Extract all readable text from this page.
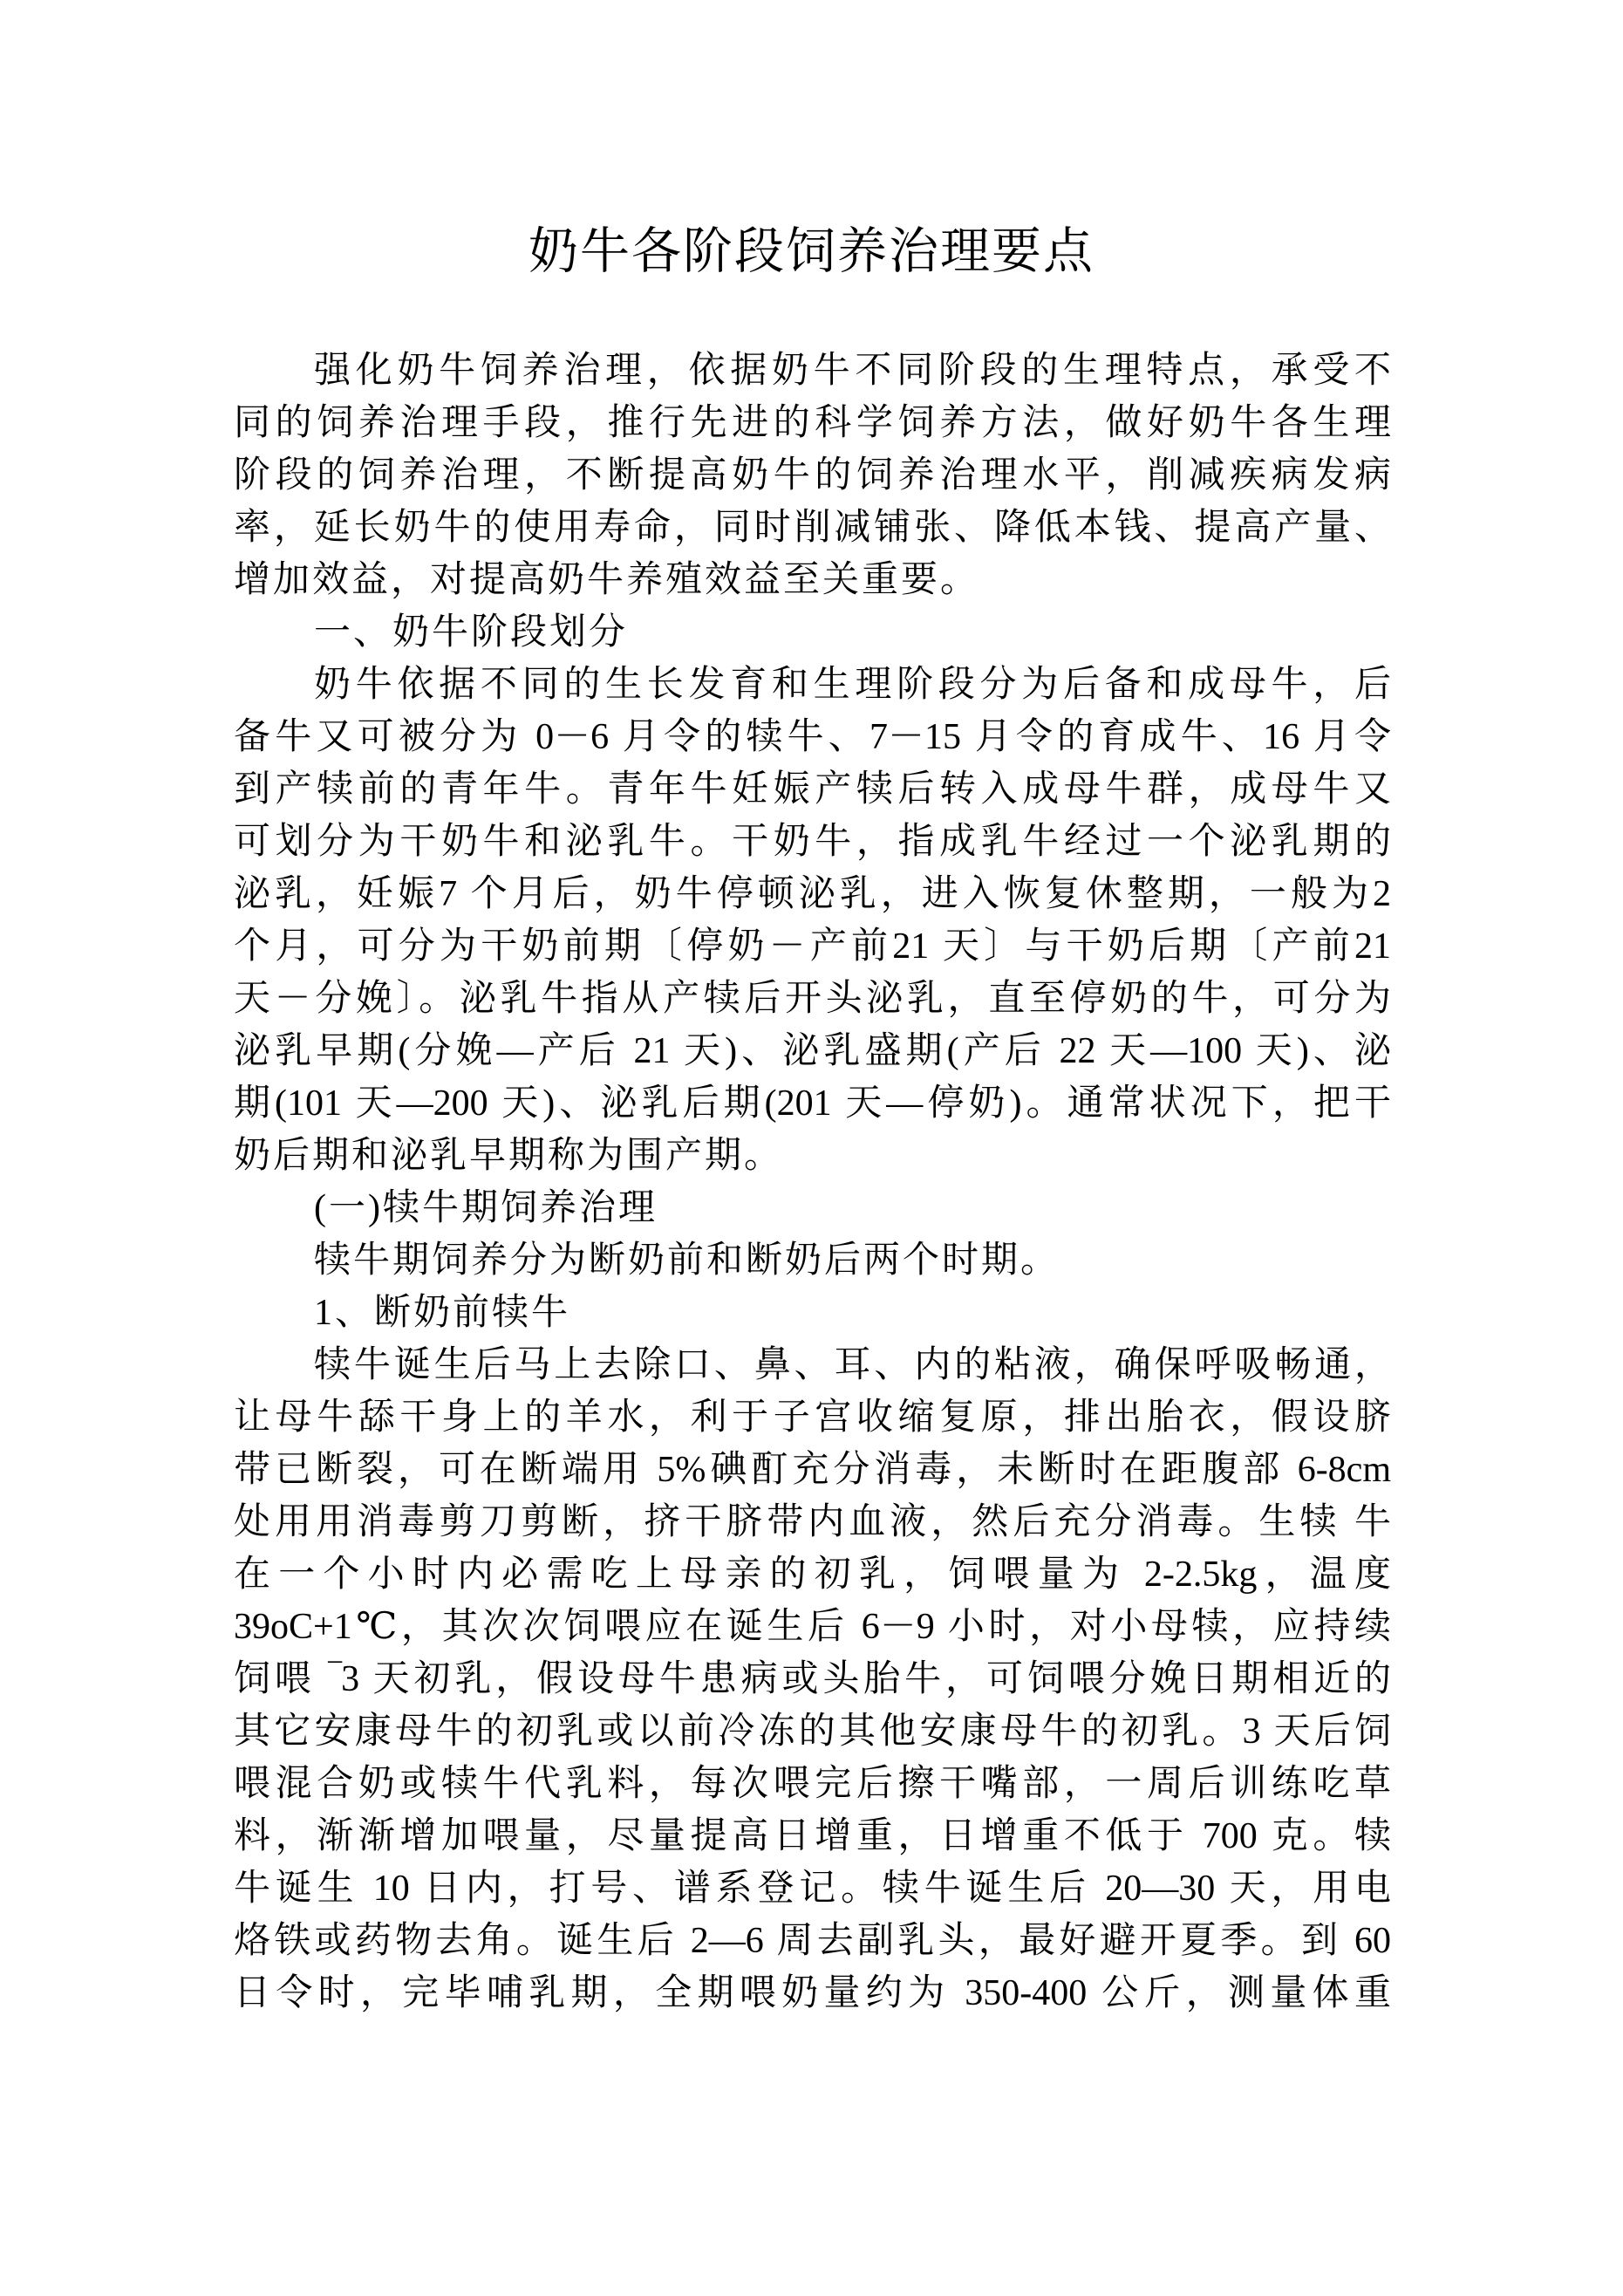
奶牛各阶段饲养治理要点
强化奶牛饲养治理，依据奶牛不同阶段的生理特点，承受不
同的饲养治理手段，推行先进的科学饲养方法，做好奶牛各生理
阶段的饲养治理，不断提高奶牛的饲养治理水平，削减疾病发病
率，延长奶牛的使用寿命，同时削减铺张、降低本钱、提高产量、
增加效益，对提高奶牛养殖效益至关重要。
一、奶牛阶段划分
奶牛依据不同的生长发育和生理阶段分为后备和成母牛，后
备牛又可被分为 0－6 月令的犊牛、7－15 月令的育成牛、16 月令
到产犊前的青年牛。青年牛妊娠产犊后转入成母牛群，成母牛又
可划分为干奶牛和泌乳牛。干奶牛，指成乳牛经过一个泌乳期的
泌乳，妊娠7 个月后，奶牛停顿泌乳，进入恢复休整期，一般为2
个月，可分为干奶前期〔停奶－产前21 天〕与干奶后期〔产前21
天－分娩〕。泌乳牛指从产犊后开头泌乳，直至停奶的牛，可分为
泌乳早期(分娩—产后 21 天)、泌乳盛期(产后 22 天—100 天)、泌
期(101 天—200 天)、泌乳后期(201 天—停奶)。通常状况下，把干
奶后期和泌乳早期称为围产期。
(一)犊牛期饲养治理
犊牛期饲养分为断奶前和断奶后两个时期。
1、断奶前犊牛
犊牛诞生后马上去除口、鼻、耳、内的粘液，确保呼吸畅通，
让母牛舔干身上的羊水，利于子宫收缩复原，排出胎衣，假设脐
带已断裂，可在断端用 5%碘酊充分消毒，未断时在距腹部 6-8cm
处用用消毒剪刀剪断，挤干脐带内血液，然后充分消毒。生犊 牛
在一个小时内必需吃上母亲的初乳，饲喂量为 2-2.5kg，温度
39oC+1℃，其次次饲喂应在诞生后 6－9 小时，对小母犊，应持续
饲喂 ‾3 天初乳，假设母牛患病或头胎牛，可饲喂分娩日期相近的
其它安康母牛的初乳或以前冷冻的其他安康母牛的初乳。3 天后饲
喂混合奶或犊牛代乳料，每次喂完后擦干嘴部，一周后训练吃草
料，渐渐增加喂量，尽量提高日增重，日增重不低于 700 克。犊
牛诞生 10 日内，打号、谱系登记。犊牛诞生后 20—30 天，用电
烙铁或药物去角。诞生后 2—6 周去副乳头，最好避开夏季。到 60
日令时，完毕哺乳期，全期喂奶量约为 350-400 公斤，测量体重
